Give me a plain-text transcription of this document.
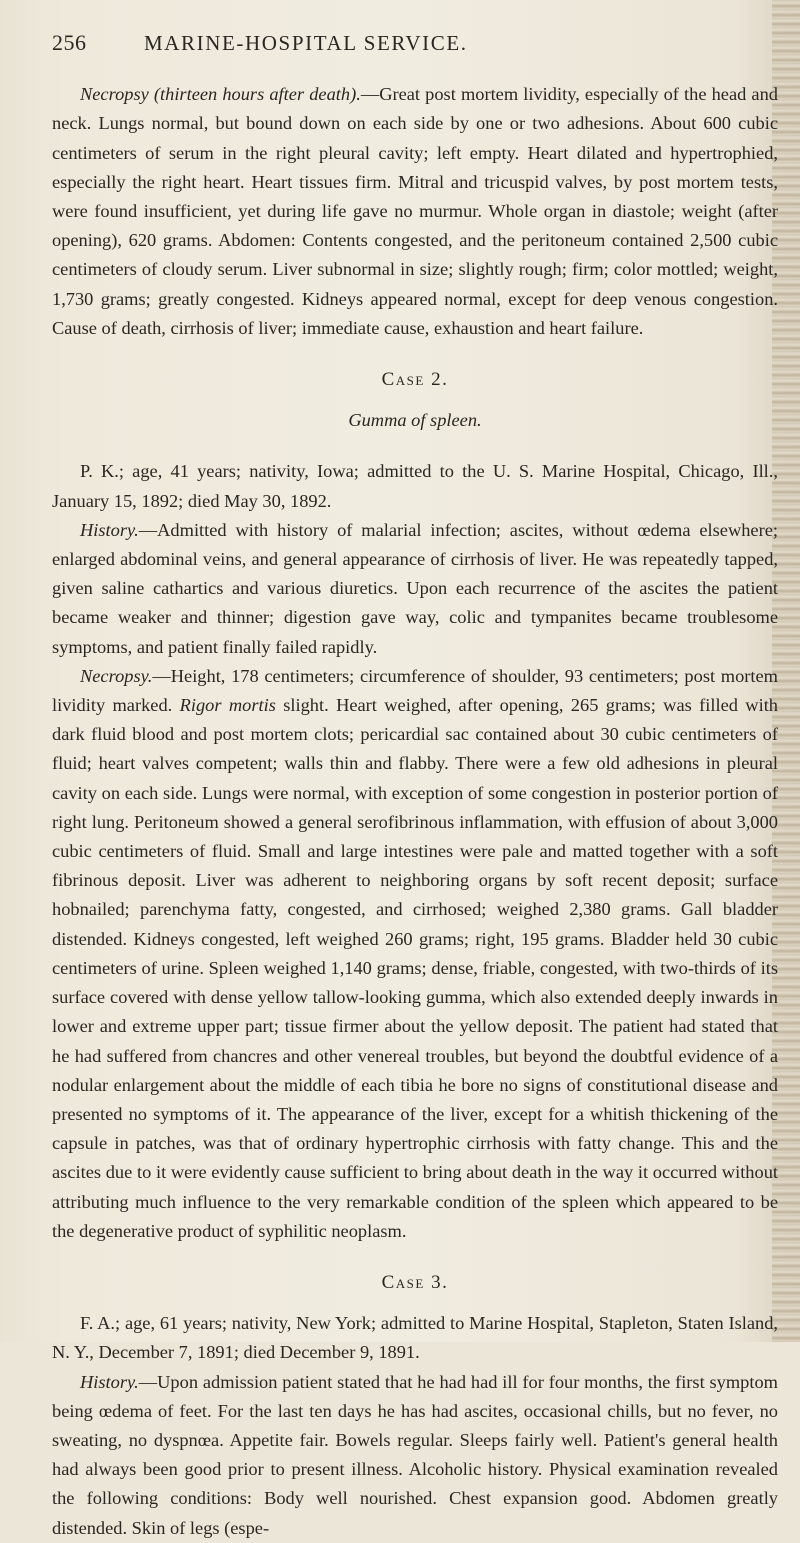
256	MARINE-HOSPITAL SERVICE.

Necropsy (thirteen hours after death).—Great post mortem lividity, especially of the head and neck. Lungs normal, but bound down on each side by one or two adhesions. About 600 cubic centimeters of serum in the right pleural cavity; left empty. Heart dilated and hypertrophied, especially the right heart. Heart tissues firm. Mitral and tricuspid valves, by post mortem tests, were found insufficient, yet during life gave no murmur. Whole organ in diastole; weight (after opening), 620 grams. Abdomen: Contents congested, and the peritoneum contained 2,500 cubic centimeters of cloudy serum. Liver subnormal in size; slightly rough; firm; color mottled; weight, 1,730 grams; greatly congested. Kidneys appeared normal, except for deep venous congestion. Cause of death, cirrhosis of liver; immediate cause, exhaustion and heart failure.

Case 2.
Gumma of spleen.

P. K.; age, 41 years; nativity, Iowa; admitted to the U. S. Marine Hospital, Chicago, Ill., January 15, 1892; died May 30, 1892.

History.—Admitted with history of malarial infection; ascites, without œdema elsewhere; enlarged abdominal veins, and general appearance of cirrhosis of liver. He was repeatedly tapped, given saline cathartics and various diuretics. Upon each recurrence of the ascites the patient became weaker and thinner; digestion gave way, colic and tympanites became troublesome symptoms, and patient finally failed rapidly.

Necropsy.—Height, 178 centimeters; circumference of shoulder, 93 centimeters; post mortem lividity marked. Rigor mortis slight. Heart weighed, after opening, 265 grams; was filled with dark fluid blood and post mortem clots; pericardial sac contained about 30 cubic centimeters of fluid; heart valves competent; walls thin and flabby. There were a few old adhesions in pleural cavity on each side. Lungs were normal, with exception of some congestion in posterior portion of right lung. Peritoneum showed a general serofibrinous inflammation, with effusion of about 3,000 cubic centimeters of fluid. Small and large intestines were pale and matted together with a soft fibrinous deposit. Liver was adherent to neighboring organs by soft recent deposit; surface hobnailed; parenchyma fatty, congested, and cirrhosed; weighed 2,380 grams. Gall bladder distended. Kidneys congested, left weighed 260 grams; right, 195 grams. Bladder held 30 cubic centimeters of urine. Spleen weighed 1,140 grams; dense, friable, congested, with two-thirds of its surface covered with dense yellow tallow-looking gumma, which also extended deeply inwards in lower and extreme upper part; tissue firmer about the yellow deposit. The patient had stated that he had suffered from chancres and other venereal troubles, but beyond the doubtful evidence of a nodular enlargement about the middle of each tibia he bore no signs of constitutional disease and presented no symptoms of it. The appearance of the liver, except for a whitish thickening of the capsule in patches, was that of ordinary hypertrophic cirrhosis with fatty change. This and the ascites due to it were evidently cause sufficient to bring about death in the way it occurred without attributing much influence to the very remarkable condition of the spleen which appeared to be the degenerative product of syphilitic neoplasm.

Case 3.

F. A.; age, 61 years; nativity, New York; admitted to Marine Hospital, Stapleton, Staten Island, N. Y., December 7, 1891; died December 9, 1891.

History.—Upon admission patient stated that he had had ill for four months, the first symptom being œdema of feet. For the last ten days he has had ascites, occasional chills, but no fever, no sweating, no dyspnœa. Appetite fair. Bowels regular. Sleeps fairly well. Patient's general health had always been good prior to present illness. Alcoholic history. Physical examination revealed the following conditions: Body well nourished. Chest expansion good. Abdomen greatly distended. Skin of legs (espe-
